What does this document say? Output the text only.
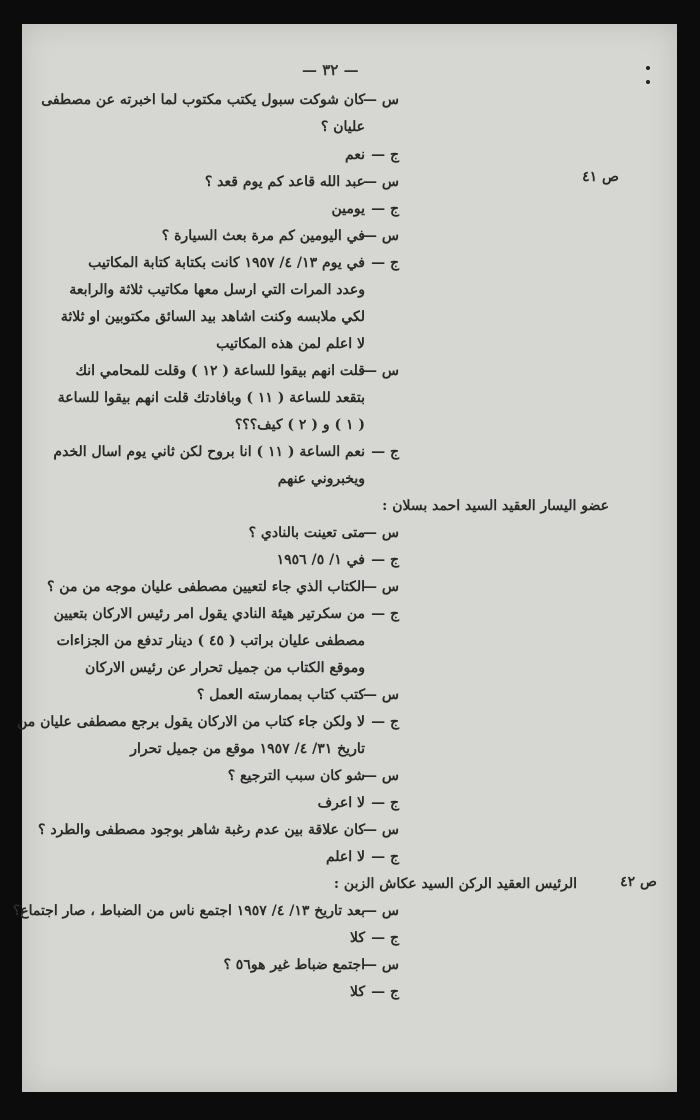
— ٣٢ —
ص ٤١
ص ٤٢
س —كان شوكت سبول يكتب مكتوب لما اخبرته عن مصطفى
عليان ؟
ج —نعم
س —عبد الله قاعد كم يوم قعد ؟
ج —يومين
س —في اليومين كم مرة بعث السيارة ؟
ج —في يوم ١٣/ ٤/ ١٩٥٧ كانت بكتابة كتابة المكاتيب
وعدد المرات التي ارسل معها مكاتيب ثلاثة والرابعة
لكي ملابسه وكنت اشاهد بيد السائق مكتوبين او ثلاثة
لا اعلم لمن هذه المكاتيب
س —قلت انهم بيقوا للساعة ( ١٢ ) وقلت للمحامي انك
بتقعد للساعة ( ١١ ) وبافادتك قلت انهم بيقوا للساعة
( ١ ) و ( ٢ ) كيف؟؟؟
ج —نعم الساعة ( ١١ ) انا بروح لكن ثاني يوم اسال الخدم
ويخبروني عنهم
عضو اليسار العقيد السيد احمد بسلان :
س —متى تعينت بالنادي ؟
ج —في ١/ ٥/ ١٩٥٦
س —الكتاب الذي جاء لتعيين مصطفى عليان موجه من من ؟
ج —من سكرتير هيئة النادي يقول امر رئيس الاركان بتعيين
مصطفى عليان براتب ( ٤٥ ) دينار تدفع من الجزاءات
وموقع الكتاب من جميل تحرار عن رئيس الاركان
س —كتب كتاب بممارسته العمل ؟
ج —لا ولكن جاء كتاب من الاركان يقول برجع مصطفى عليان من
تاريخ ٣١/ ٤/ ١٩٥٧ موقع من جميل تحرار
س —شو كان سبب الترجيع ؟
ج —لا اعرف
س —كان علاقة بين عدم رغبة شاهر بوجود مصطفى والطرد ؟
ج —لا اعلم
الرئيس العقيد الركن السيد عكاش الزبن :
س —بعد تاريخ ١٣/ ٤/ ١٩٥٧ اجتمع ناس من الضباط ، صار اجتماع؟
ج —كلا
س —اجتمع ضباط غير هو٥٦ ؟
ج —كلا
